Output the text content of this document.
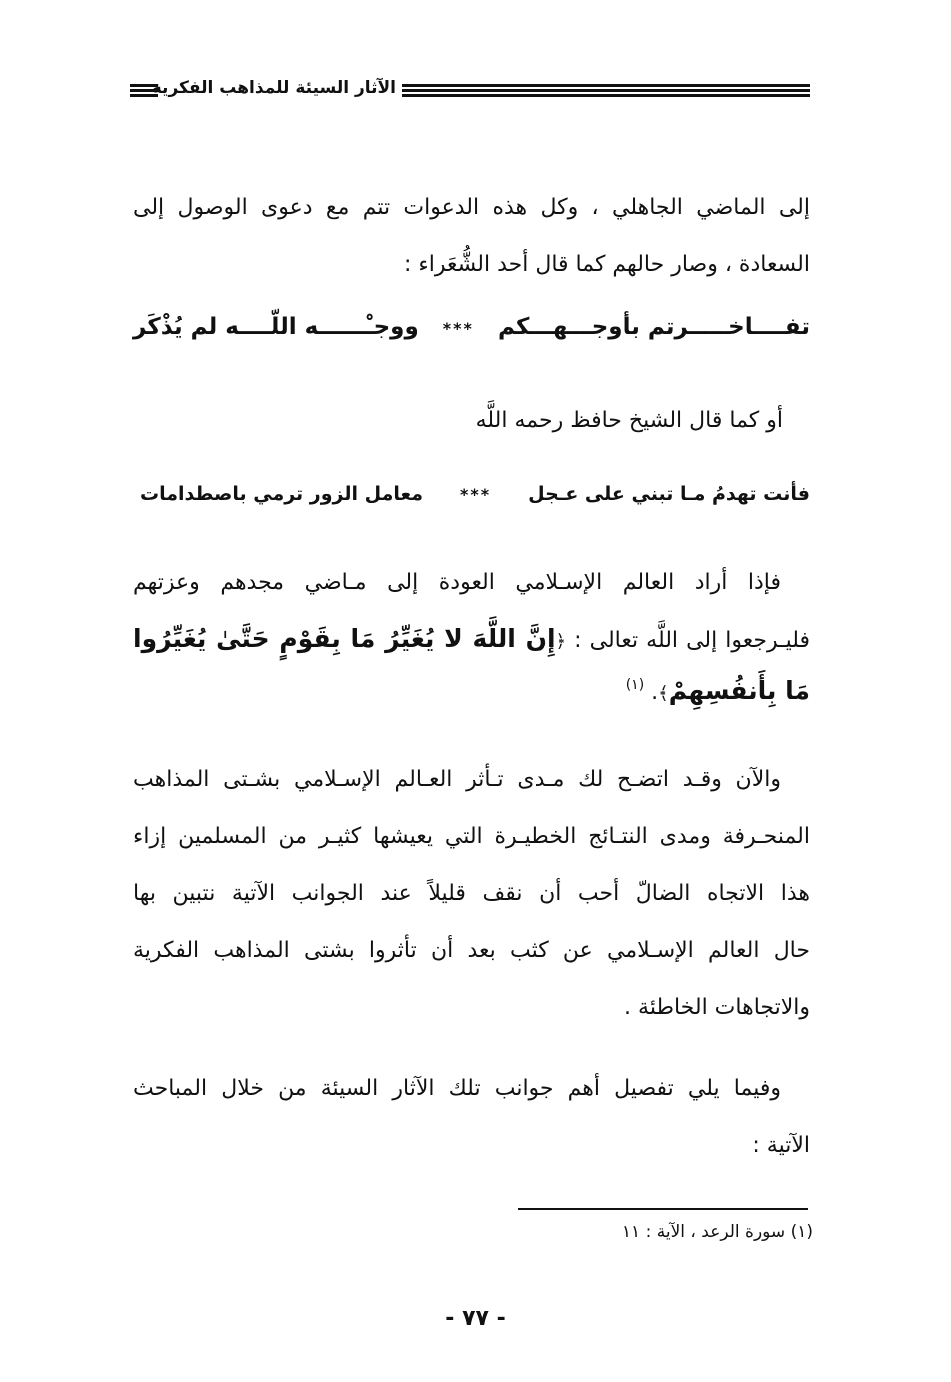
الآثار السيئة للمذاهب الفكرية
إلى الماضي الجاهلي ، وكل هذه الدعوات تتم مع دعوى الوصول إلى
السعادة ، وصار حالهم كما قال أحد الشُّعَراء :
تفــــاخـــــرتم بأوجـــهـــكم
***
ووجـْــــــه اللّــــه لم يُذْكَر
أو كما قال الشيخ حافظ رحمه اللَّه
فأنت تهدمُ مـا تبني على عـجل
***
معامل الزور ترمي باصطدامات
فإذا أراد العالم الإسـلامي العودة إلى مـاضي مجدهم وعزتهم
فليـرجعوا إلى اللَّه تعالى : ﴿إِنَّ اللَّهَ لا يُغَيِّرُ مَا بِقَوْمٍ حَتَّىٰ يُغَيِّرُوا
مَا بِأَنفُسِهِمْ﴾. $^{(١)}$
والآن وقـد اتضـح لك مـدى تـأثر العـالم الإسـلامي بشـتى المذاهب
المنحـرفة ومدى النتـائج الخطيـرة التي يعيشها كثيـر من المسلمين إزاء
هذا الاتجاه الضالّ أحب أن نقف قليلاً عند الجوانب الآتية نتبين بها
حال العالم الإسـلامي عن كثب بعد أن تأثروا بشتى المذاهب الفكرية
والاتجاهات الخاطئة .
وفيما يلي تفصيل أهم جوانب تلك الآثار السيئة من خلال المباحث
الآتية :
(١) سورة الرعد ، الآية : ١١
- ٧٧ -
